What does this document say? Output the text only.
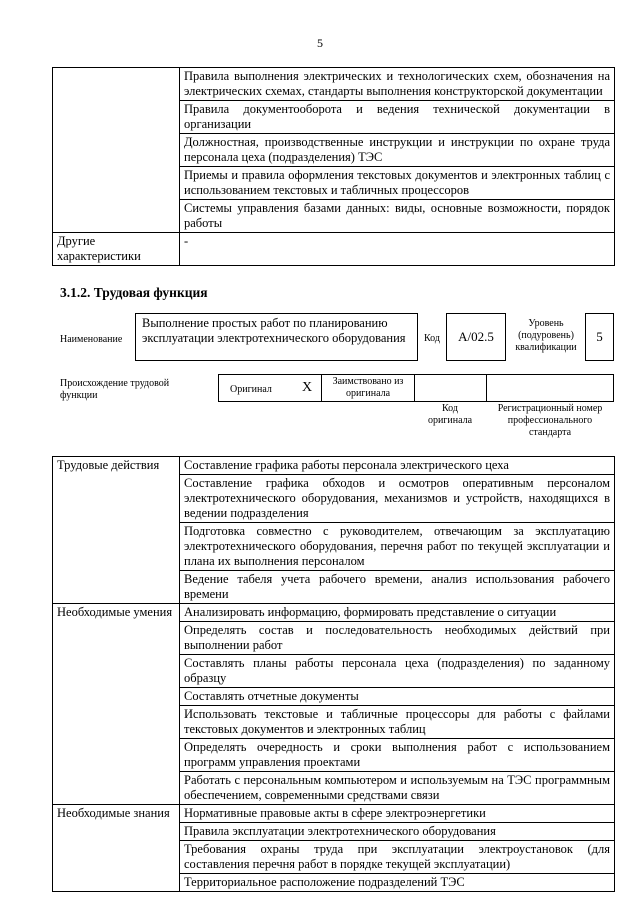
5
	Правила выполнения электрических и технологических схем, обозначения на электрических схемах, стандарты выполнения конструкторской документации
	Правила документооборота и ведения технической документации в организации
	Должностная, производственные инструкции и инструкции по охране труда персонала цеха (подразделения) ТЭС
	Приемы и правила оформления текстовых документов и электронных таблиц с использованием текстовых и табличных процессоров
	Системы управления базами данных: виды, основные возможности, порядок работы
Другие характеристики	-
3.1.2. Трудовая функция
Наименование
Выполнение простых работ по планированию эксплуатации электротехнического оборудования	Код	A/02.5
Уровень (подуровень) квалификации
5
Происхождение трудовой функции
Оригинал X	Заимствовано из оригинала
Код оригинала
Регистрационный номер профессионального стандарта
Трудовые действия	Составление графика работы персонала электрического цеха
	Составление графика обходов и осмотров оперативным персоналом электротехнического оборудования, механизмов и устройств, находящихся в ведении подразделения
	Подготовка совместно с руководителем, отвечающим за эксплуатацию электротехнического оборудования, перечня работ по текущей эксплуатации и плана их выполнения персоналом
	Ведение табеля учета рабочего времени, анализ использования рабочего времени
Необходимые умения	Анализировать информацию, формировать представление о ситуации
	Определять состав и последовательность необходимых действий при выполнении работ
	Составлять планы работы персонала цеха (подразделения) по заданному образцу
	Составлять отчетные документы
	Использовать текстовые и табличные процессоры для работы с файлами текстовых документов и электронных таблиц
	Определять очередность и сроки выполнения работ с использованием программ управления проектами
	Работать с персональным компьютером и используемым на ТЭС программным обеспечением, современными средствами связи
Необходимые знания	Нормативные правовые акты в сфере электроэнергетики
	Правила эксплуатации электротехнического оборудования
	Требования охраны труда при эксплуатации электроустановок (для составления перечня работ в порядке текущей эксплуатации)
	Территориальное расположение подразделений ТЭС
